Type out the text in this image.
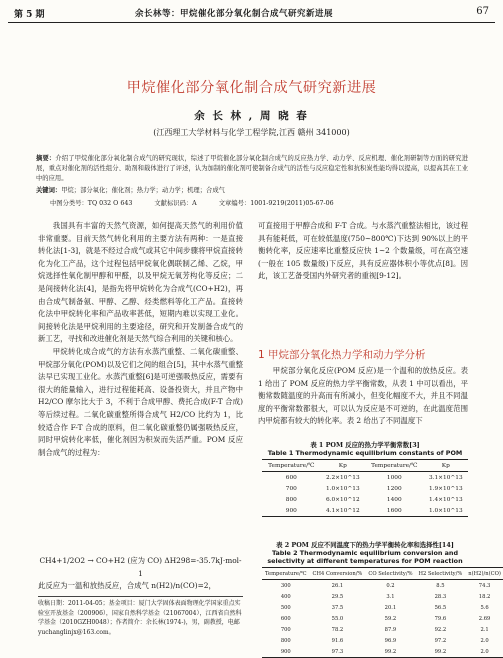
第 5 期	余长林等：甲烷催化部分氧化制合成气研究新进展	67
甲烷催化部分氧化制合成气研究新进展
余 长 林 , 周 晓 春
(江西理工大学材料与化学工程学院,江西 赣州 341000)
摘要：介绍了甲烷催化部分氧化制合成气的研究现状，综述了甲烷催化部分氧化制合成气的反应热力学、动力学、反应机理、催化剂研制等方面的研究进展，重点对催化剂的活性组分、助剂和载体进行了评述，认为加制的催化剂可使制备合成气的活性与反应稳定性和抗积炭性能均得以提高，以提高其在工业中的应用。
关键词：甲烷；部分氧化；催化剂；热力学；动力学；机理；合成气
中图分类号：TQ 032 O 643	文献标识码：A	文章编号：1001-9219(2011)05-67-06

我国具有丰富的天然气资源，如何提高天然气的利用价值非常重要。目前天然气转化利用的主要方法有两种：一是直接转化法[1-3]，就是不经过合成气或其它中间步骤将甲烷直接转化为化工产品，这个过程包括甲烷氧化偶联制乙烯、乙烷，甲烷选择性氧化制甲醇和甲醛，以及甲烷无氧芳构化等反应；二是间接转化法[4]，是指先将甲烷转化为合成气(CO+H2)，再由合成气制备氨、甲醇、乙醇、烃类燃料等化工产品。直接转化法中甲烷转化率和产品收率甚低，短期内难以实现工业化。间接转化法是甲烷利用的主要途径，研究和开发制备合成气的新工艺，寻找和改进催化剂是天然气综合利用的关键和核心。

甲烷转化成合成气的方法有水蒸汽重整、二氧化碳重整、甲烷部分氧化(POM)以及它们之间的组合[5]，其中水蒸气重整法早已实现工业化。水蒸汽重整[6]是可逆强吸热反应，需要有很大的能量输入，进行过程能耗高、设备投资大，并且产物中 H2/CO 摩尔比大于 3，不利于合成甲醇、费托合成(F-T 合成)等后续过程。二氧化碳重整所得合成气 H2/CO 比约为 1，比较适合作 F-T 合成的原料，但二氧化碳重整仍属强吸热反应，同时甲烷转化率低，催化剂因为积炭而失活严重。POM 反应制合成气的过程为：

CH4+1/2O2 → CO+H2 (应为 CO) ΔH298=-35.7kJ·mol-1

此反应为一温和放热反应，合成气 n(H2)/n(CO)=2，

收稿日期：2011-04-05；基金项目：厦门大学固体表面物理化学国家重点实验室开放基金（200906），国家自然科学基金（21067004），江西省自然科学基金（2010GZH0048）；作者简介：余长林(1974-)，男，副教授，电邮 yuchanglinjx@163.com。

可直接用于甲醇合成和 F-T 合成。与水蒸汽重整法相比，该过程具有能耗低，可在较低温度(750~800℃)下达到 90%以上的平衡转化率，反应速率比重整反应快 1~2 个数量级，可在高空速(一般在 105 数量级)下反应，具有反应器体积小等优点[8]。因此，该工艺备受国内外研究者的重视[9-12]。

1 甲烷部分氧化热力学和动力学分析

甲烷部分氧化反应(POM 反应)是一个温和的放热反应。表 1 给出了 POM 反应的热力学平衡常数，从表 1 中可以看出，平衡常数随温度的升高而有所减小，但变化幅度不大，并且不同温度的平衡常数都很大，可以认为反应是不可逆的，在此温度范围内甲烷都有较大的转化率。表 2 给出了不同温度下

表 1 POM 反应的热力学平衡常数[3]
Table 1 Thermodynamic equilibrium constants of POM
Temperature/℃	Kp	Temperature/℃	Kp
600	2.2×10^13	1000	3.1×10^13
700	1.0×10^13	1200	1.9×10^13
800	6.0×10^12	1400	1.4×10^13
900	4.1×10^12	1600	1.0×10^13
表 2 POM 反应不同温度下的热力学平衡转化率和选择性[14]
Table 2 Thermodynamic equilibrium conversion and selectivity at different temperatures for POM reaction
Temperature/℃	CH4 Conversion/%	CO Selectivity/%	H2 Selectivity/%	n(H2)/n(CO)
300	26.1	0.2	8.5	74.3
400	29.5	3.1	28.3	18.2
500	37.5	20.1	56.5	5.6
600	55.0	59.2	79.6	2.69
700	78.2	87.9	92.2	2.1
800	91.6	96.9	97.2	2.0
900	97.3	99.2	99.2	2.0
